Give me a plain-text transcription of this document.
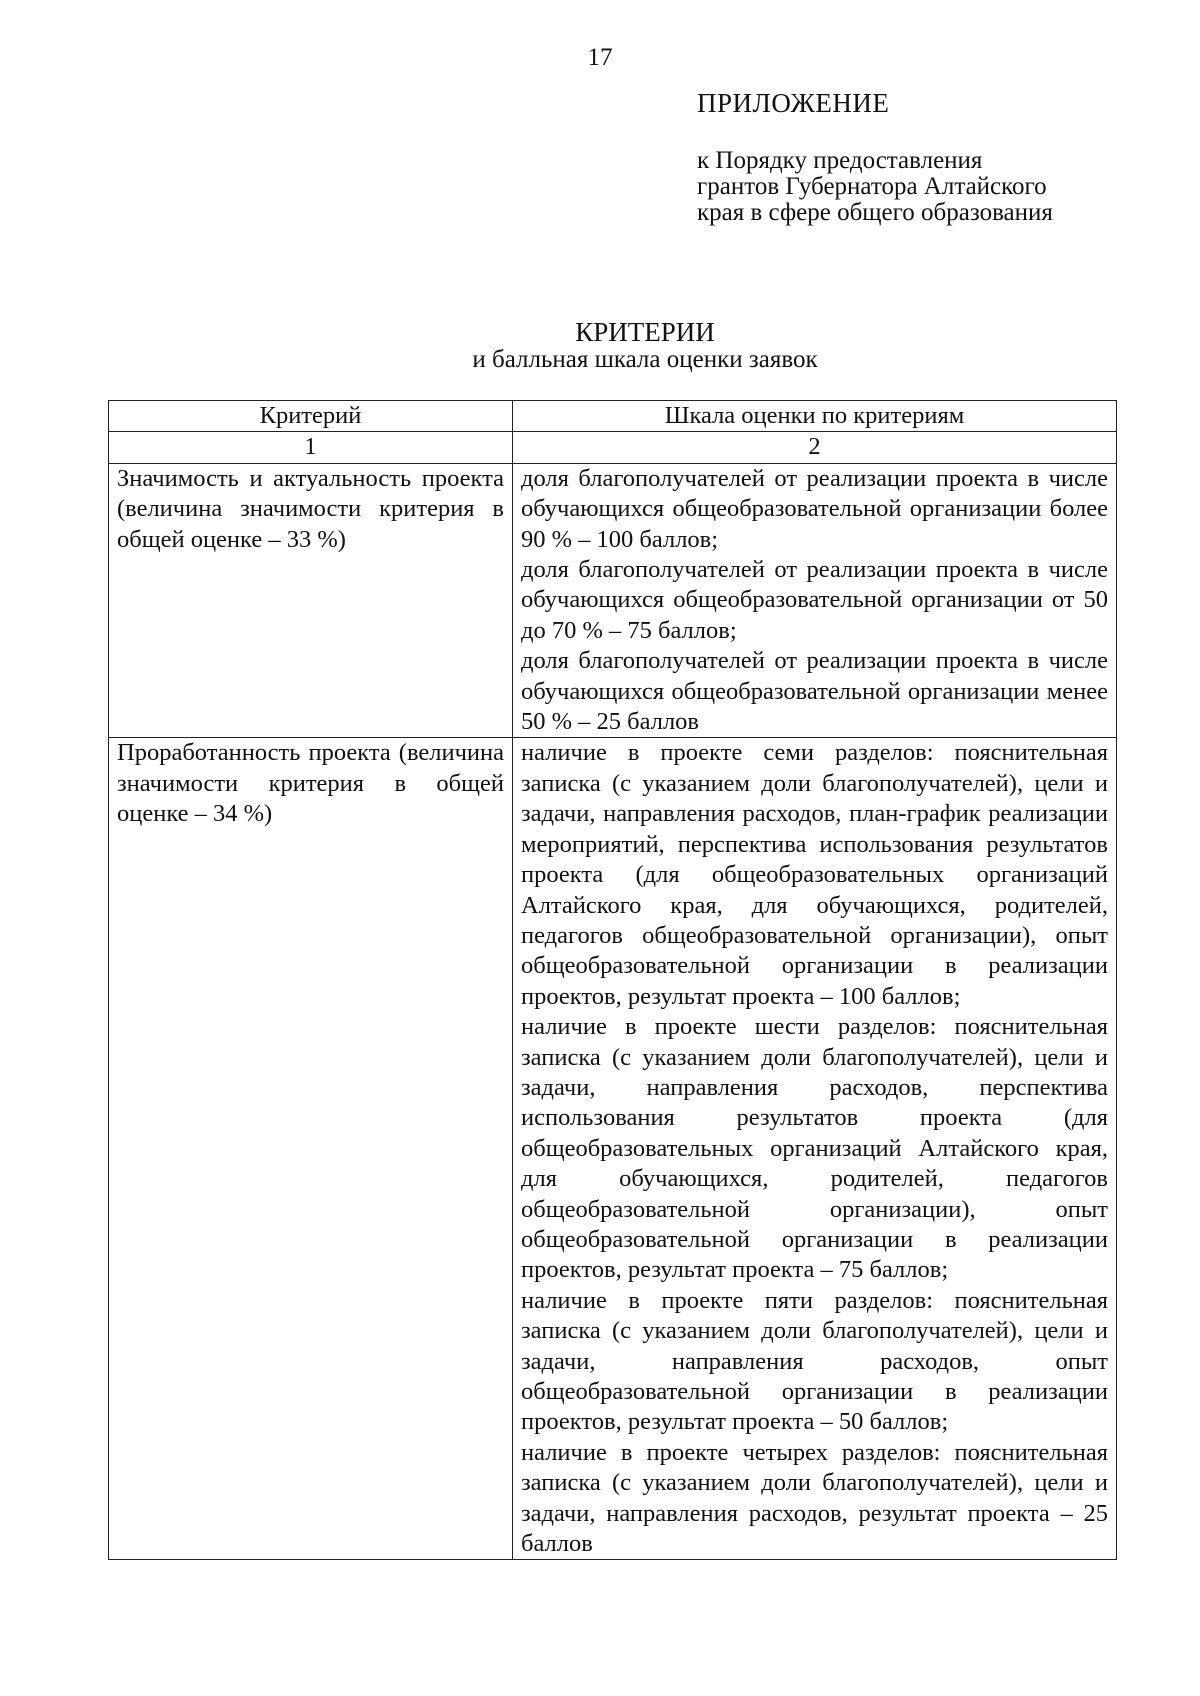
17
ПРИЛОЖЕНИЕ
к Порядку предоставления
грантов Губернатора Алтайского
края в сфере общего образования
КРИТЕРИИ
и балльная шкала оценки заявок
Критерий	Шкала оценки по критериям
1	2
Значимость и актуальность проекта (величина значимости критерия в общей оценке – 33 %)	доля благополучателей от реализации проекта в числе обучающихся общеобразовательной организации более 90 % – 100 баллов;
доля благополучателей от реализации проекта в числе обучающихся общеобразовательной организации от 50 до 70 % – 75 баллов;
доля благополучателей от реализации проекта в числе обучающихся общеобразовательной организации менее 50 % – 25 баллов

Проработанность проекта (величина значимости критерия в общей оценке – 34 %)	наличие в проекте семи разделов: пояснительная записка (с указанием доли благополучателей), цели и задачи, направления расходов, план-график реализации мероприятий, перспектива использования результатов проекта (для общеобразовательных организаций Алтайского края, для обучающихся, родителей, педагогов общеобразовательной организации), опыт общеобразовательной организации в реализации проектов, результат проекта – 100 баллов;
наличие в проекте шести разделов: пояснительная записка (с указанием доли благополучателей), цели и задачи, направления расходов, перспектива использования результатов проекта (для общеобразовательных организаций Алтайского края, для обучающихся, родителей, педагогов общеобразовательной организации), опыт общеобразовательной организации в реализации проектов, результат проекта – 75 баллов;
наличие в проекте пяти разделов: пояснительная записка (с указанием доли благополучателей), цели и задачи, направления расходов, опыт общеобразовательной организации в реализации проектов, результат проекта – 50 баллов;
наличие в проекте четырех разделов: пояснительная записка (с указанием доли благополучателей), цели и задачи, направления расходов, результат проекта – 25 баллов
